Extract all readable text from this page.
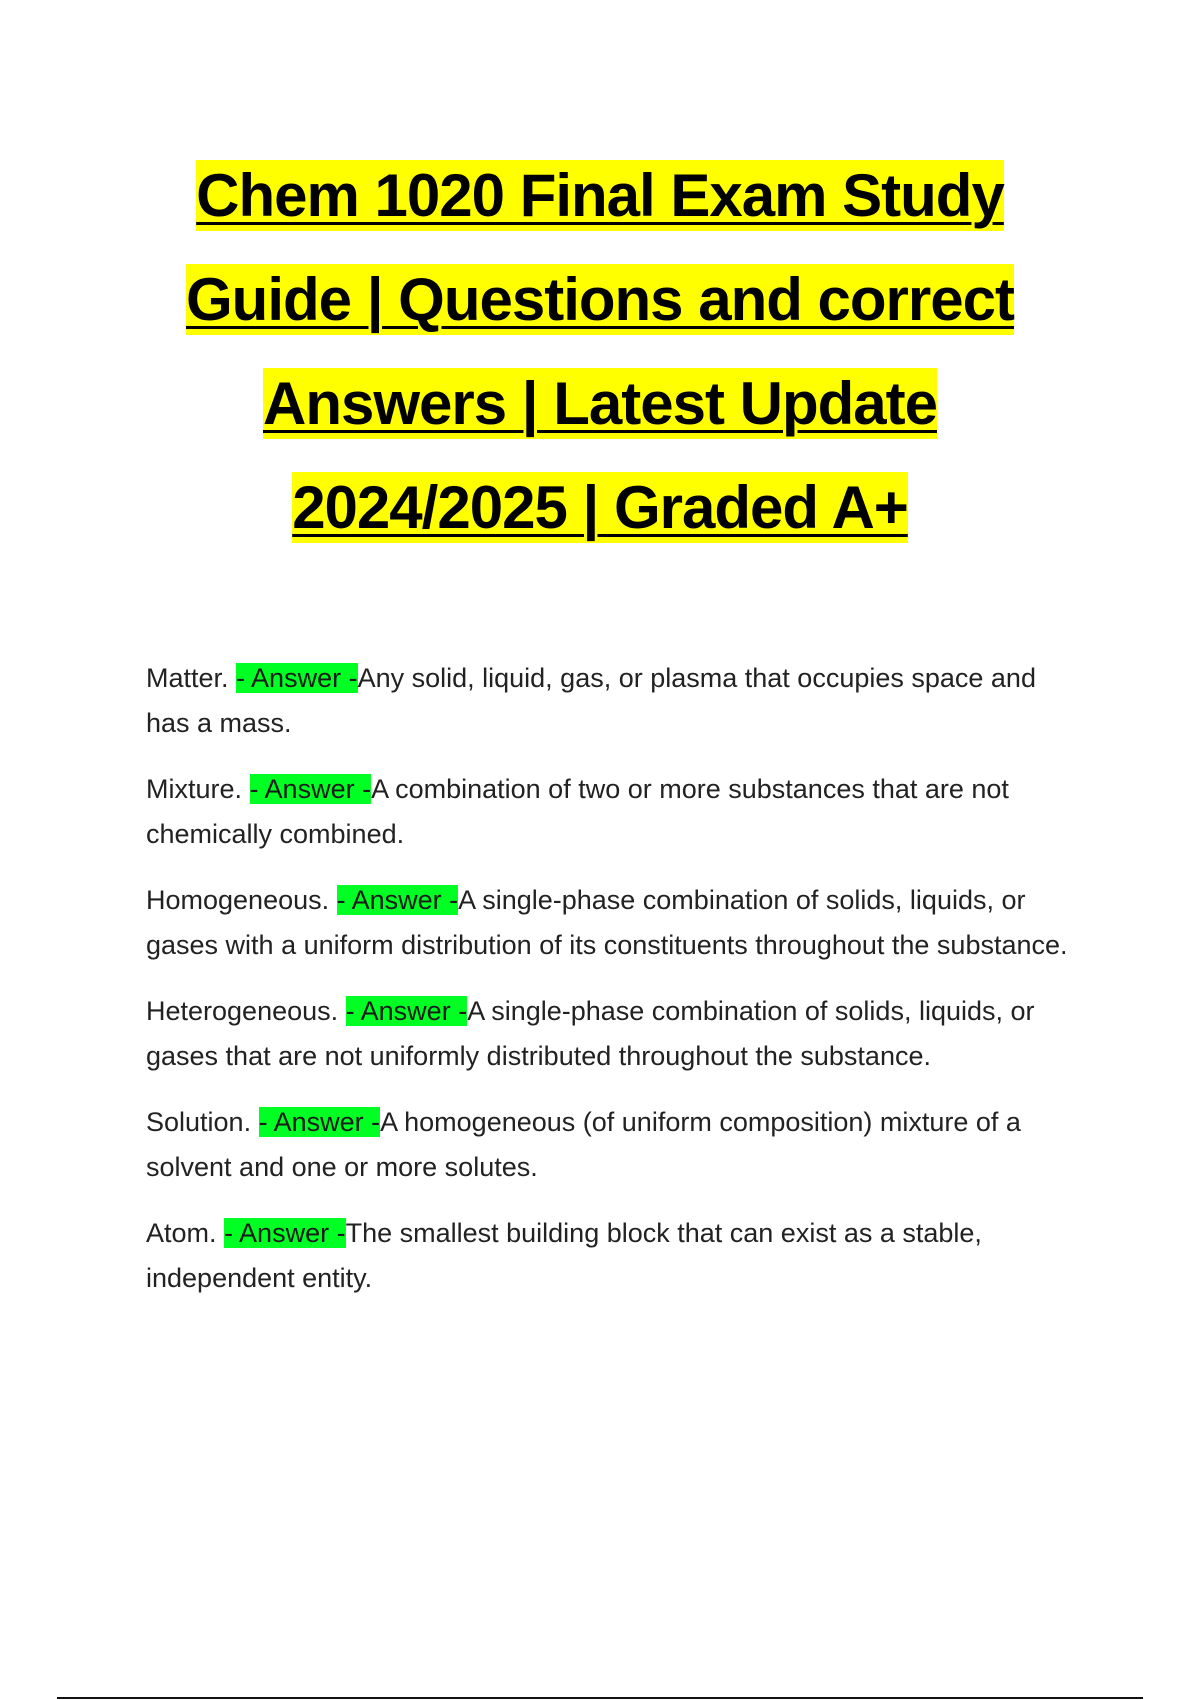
Chem 1020 Final Exam Study
Guide | Questions and correct
Answers | Latest Update
2024/2025 | Graded A+

Matter. - Answer -Any solid, liquid, gas, or plasma that occupies space and has a mass.

Mixture. - Answer -A combination of two or more substances that are not chemically combined.

Homogeneous. - Answer -A single-phase combination of solids, liquids, or gases with a uniform distribution of its constituents throughout the substance.

Heterogeneous. - Answer -A single-phase combination of solids, liquids, or gases that are not uniformly distributed throughout the substance.

Solution. - Answer -A homogeneous (of uniform composition) mixture of a solvent and one or more solutes.

Atom. - Answer -The smallest building block that can exist as a stable, independent entity.
